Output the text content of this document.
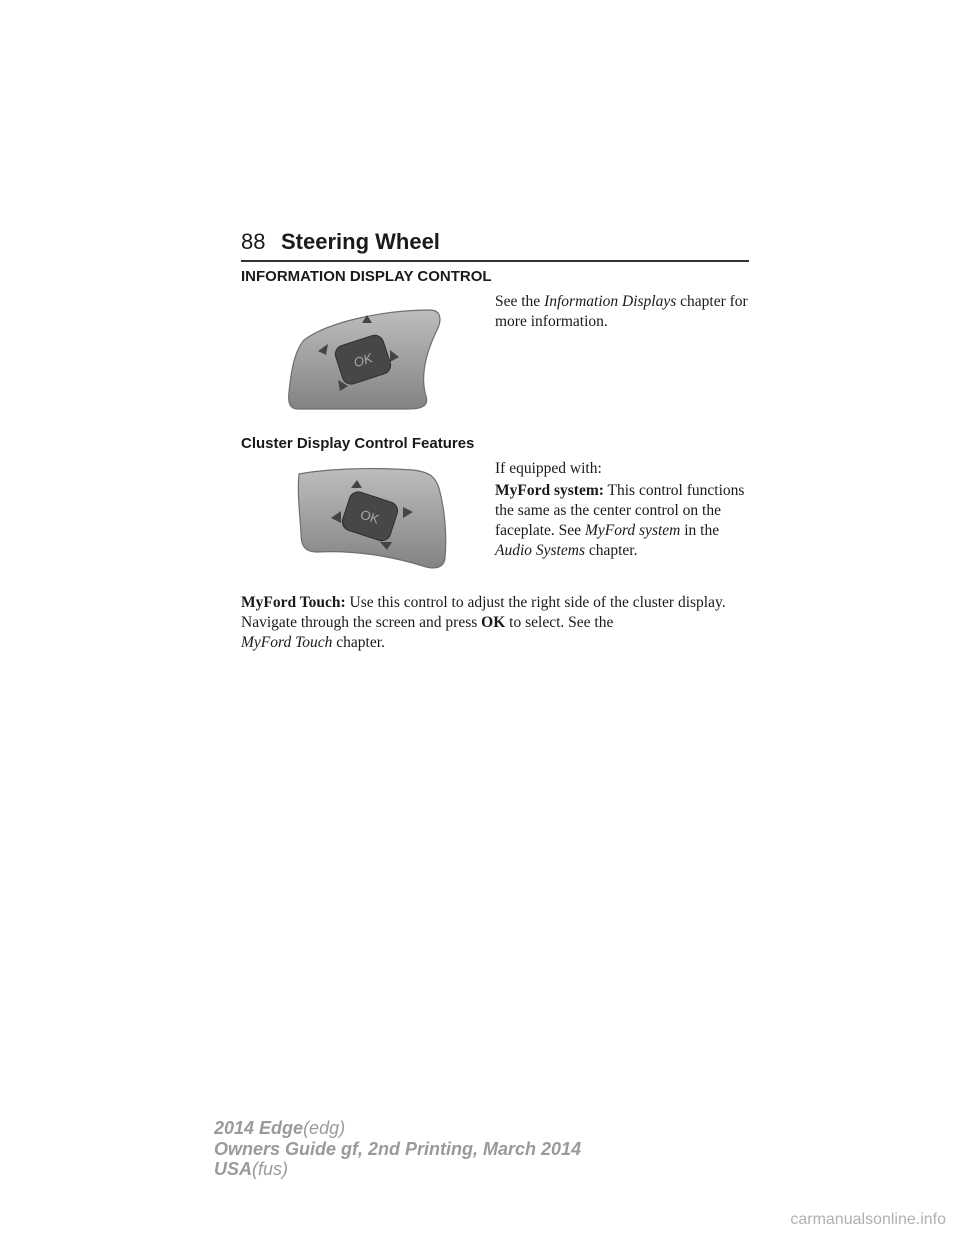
88 Steering Wheel
INFORMATION DISPLAY CONTROL
See the Information Displays chapter for more information.
OK
Cluster Display Control Features
If equipped with:
MyFord system: This control functions the same as the center control on the faceplate. See MyFord system in the Audio Systems chapter.
OK
MyFord Touch: Use this control to adjust the right side of the cluster display. Navigate through the screen and press OK to select. See the
MyFord Touch chapter.
2014 Edge(edg)
Owners Guide gf, 2nd Printing, March 2014
USA(fus)
carmanualsonline.info
